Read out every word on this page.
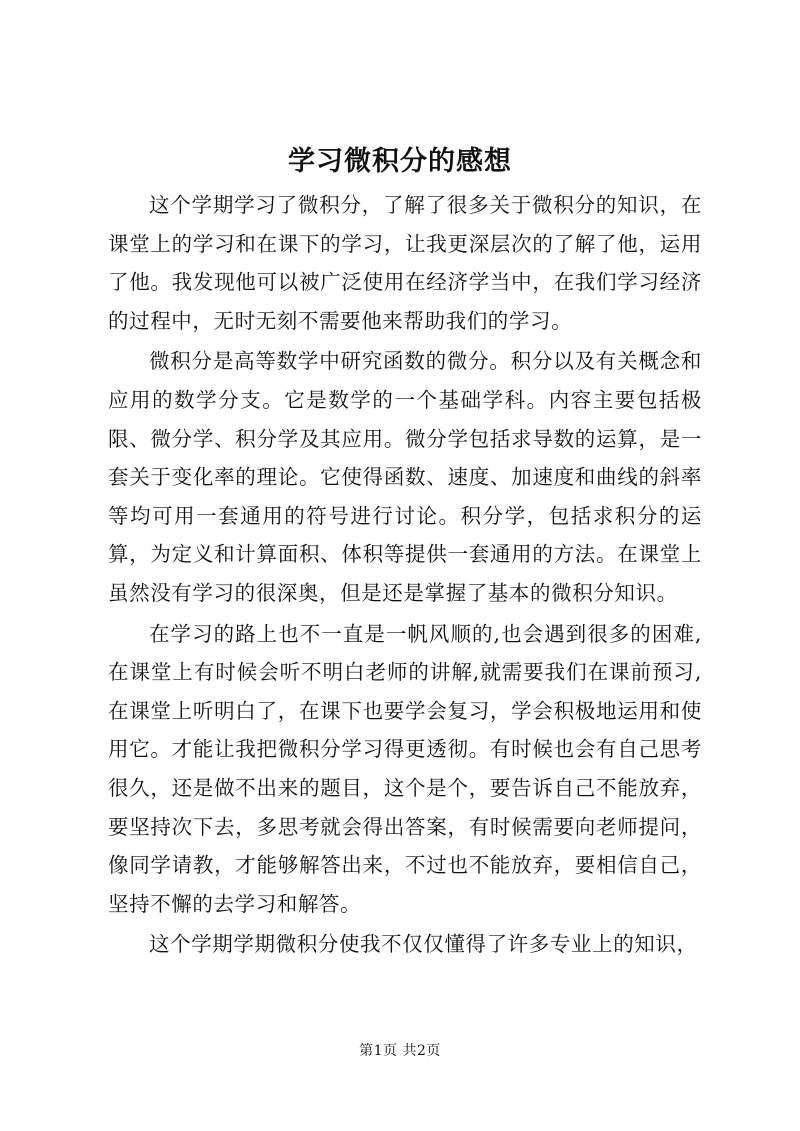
学习微积分的感想

这个学期学习了微积分，了解了很多关于微积分的知识，在课堂上的学习和在课下的学习，让我更深层次的了解了他，运用了他。我发现他可以被广泛使用在经济学当中，在我们学习经济的过程中，无时无刻不需要他来帮助我们的学习。

微积分是高等数学中研究函数的微分。积分以及有关概念和应用的数学分支。它是数学的一个基础学科。内容主要包括极限、微分学、积分学及其应用。微分学包括求导数的运算，是一套关于变化率的理论。它使得函数、速度、加速度和曲线的斜率等均可用一套通用的符号进行讨论。积分学，包括求积分的运算，为定义和计算面积、体积等提供一套通用的方法。在课堂上虽然没有学习的很深奥，但是还是掌握了基本的微积分知识。

在学习的路上也不一直是一帆风顺的,也会遇到很多的困难,在课堂上有时候会听不明白老师的讲解,就需要我们在课前预习,在课堂上听明白了，在课下也要学会复习，学会积极地运用和使用它。才能让我把微积分学习得更透彻。有时候也会有自己思考很久，还是做不出来的题目，这个是个，要告诉自己不能放弃，要坚持次下去，多思考就会得出答案，有时候需要向老师提问，像同学请教，才能够解答出来，不过也不能放弃，要相信自己，坚持不懈的去学习和解答。

这个学期学期微积分使我不仅仅懂得了许多专业上的知识，

第1页 共2页
